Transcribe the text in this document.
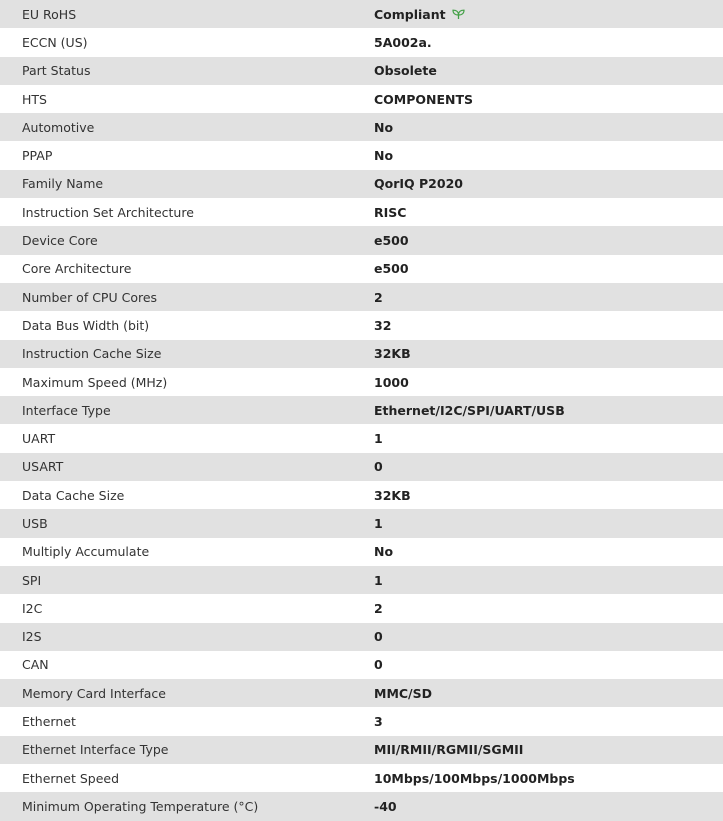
EU RoHS	Compliant
ECCN (US)	5A002a.
Part Status	Obsolete
HTS	COMPONENTS
Automotive	No
PPAP	No
Family Name	QorIQ P2020
Instruction Set Architecture	RISC
Device Core	e500
Core Architecture	e500
Number of CPU Cores	2
Data Bus Width (bit)	32
Instruction Cache Size	32KB
Maximum Speed (MHz)	1000
Interface Type	Ethernet/I2C/SPI/UART/USB
UART	1
USART	0
Data Cache Size	32KB
USB	1
Multiply Accumulate	No
SPI	1
I2C	2
I2S	0
CAN	0
Memory Card Interface	MMC/SD
Ethernet	3
Ethernet Interface Type	MII/RMII/RGMII/SGMII
Ethernet Speed	10Mbps/100Mbps/1000Mbps
Minimum Operating Temperature (°C)	-40
